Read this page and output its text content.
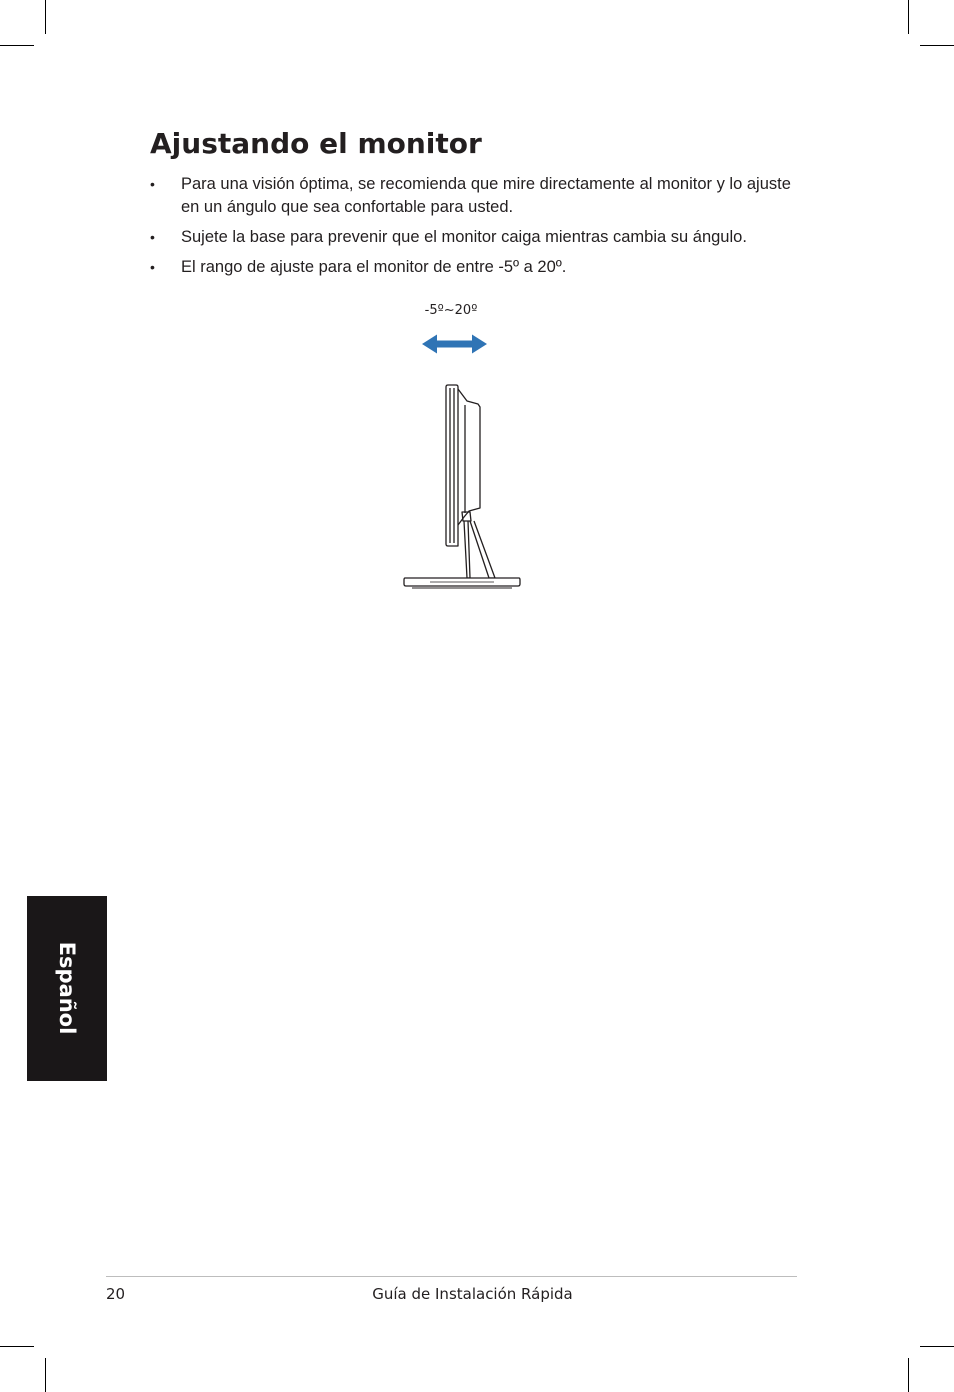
Ajustando el monitor
•	Para una visión óptima, se recomienda que mire directamente al monitor y lo ajuste en un ángulo que sea confortable para usted.
•	Sujete la base para prevenir que el monitor caiga mientras cambia su ángulo.
•	El rango de ajuste para el monitor de entre -5º a 20º.
-5º~20º
Español
20	Guía de Instalación Rápida
